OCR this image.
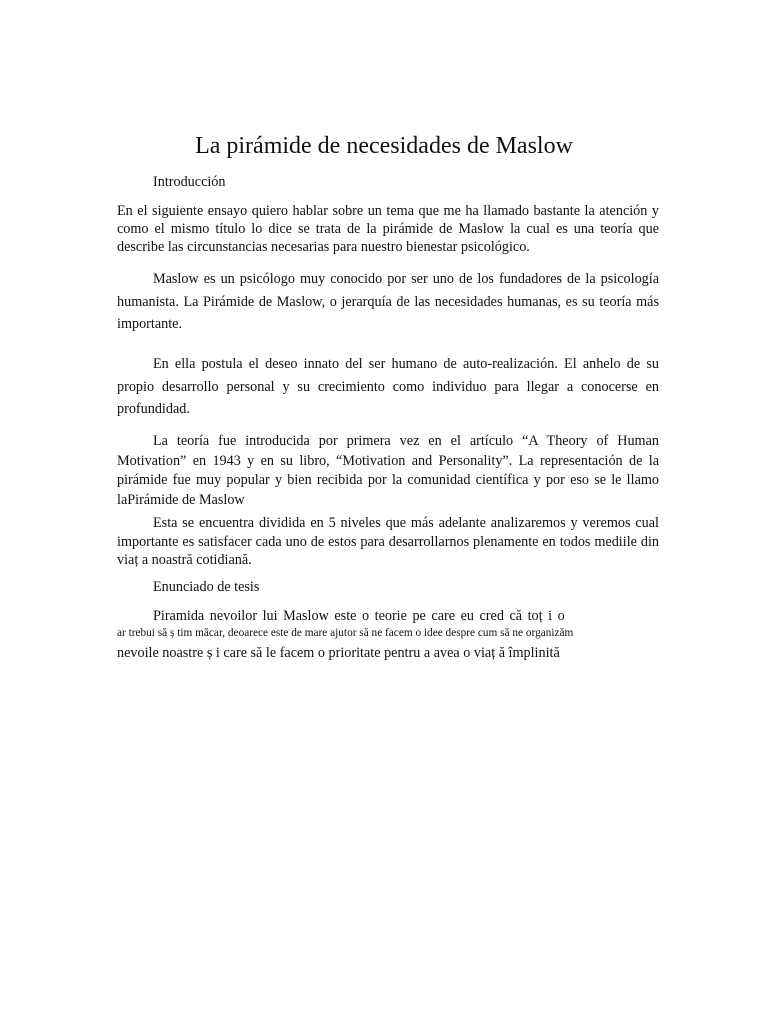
La pirámide de necesidades de Maslow

Introducción

En el siguiente ensayo quiero hablar sobre un tema que me ha llamado bastante la atención y como el mismo título lo dice se trata de la pirámide de Maslow la cual es una teoría que describe las circunstancias necesarias para nuestro bienestar psicológico.

Maslow es un psicólogo muy conocido por ser uno de los fundadores de la psicología humanista. La Pirámide de Maslow, o jerarquía de las necesidades humanas, es su teoría más importante.

En ella postula el deseo innato del ser humano de auto-realización. El anhelo de su propio desarrollo personal y su crecimiento como individuo para llegar a conocerse en profundidad.

La teoría fue introducida por primera vez en el artículo “A Theory of Human Motivation” en 1943 y en su libro, “Motivation and Personality”. La representación de la pirámide fue muy popular y bien recibida por la comunidad científica y por eso se le llamo laPirámide de Maslow

Esta se encuentra dividida en 5 niveles que más adelante analizaremos y veremos cual importante es satisfacer cada uno de estos para desarrollarnos plenamente en todos mediile din viaț a noastră cotidiană.

Enunciado de tesis

Piramida nevoilor lui Maslow este o teorie pe care eu cred că toț i o

ar trebui să ș tim măcar, deoarece este de mare ajutor să ne facem o idee despre cum să ne organizăm

nevoile noastre ș i care să le facem o prioritate pentru a avea o viaț ă împlinită
